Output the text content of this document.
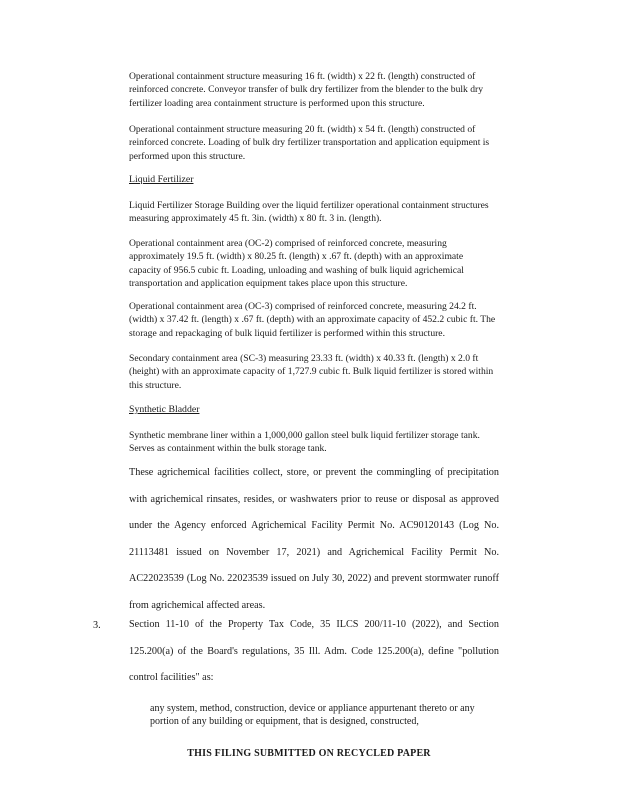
Operational containment structure measuring 16 ft. (width) x 22 ft. (length) constructed of reinforced concrete. Conveyor transfer of bulk dry fertilizer from the blender to the bulk dry fertilizer loading area containment structure is performed upon this structure.

Operational containment structure measuring 20 ft. (width) x 54 ft. (length) constructed of reinforced concrete. Loading of bulk dry fertilizer transportation and application equipment is performed upon this structure.

Liquid Fertilizer

Liquid Fertilizer Storage Building over the liquid fertilizer operational containment structures measuring approximately 45 ft. 3in. (width) x 80 ft. 3 in. (length).

Operational containment area (OC-2) comprised of reinforced concrete, measuring approximately 19.5 ft. (width) x 80.25 ft. (length) x .67 ft. (depth) with an approximate capacity of 956.5 cubic ft. Loading, unloading and washing of bulk liquid agrichemical transportation and application equipment takes place upon this structure.

Operational containment area (OC-3) comprised of reinforced concrete, measuring 24.2 ft. (width) x 37.42 ft. (length) x .67 ft. (depth) with an approximate capacity of 452.2 cubic ft. The storage and repackaging of bulk liquid fertilizer is performed within this structure.

Secondary containment area (SC-3) measuring 23.33 ft. (width) x 40.33 ft. (length) x 2.0 ft (height) with an approximate capacity of 1,727.9 cubic ft. Bulk liquid fertilizer is stored within this structure.

Synthetic Bladder

Synthetic membrane liner within a 1,000,000 gallon steel bulk liquid fertilizer storage tank. Serves as containment within the bulk storage tank.

These agrichemical facilities collect, store, or prevent the commingling of precipitation with agrichemical rinsates, resides, or washwaters prior to reuse or disposal as approved under the Agency enforced Agrichemical Facility Permit No. AC90120143 (Log No. 21113481 issued on November 17, 2021) and Agrichemical Facility Permit No. AC22023539 (Log No. 22023539 issued on July 30, 2022) and prevent stormwater runoff from agrichemical affected areas.

3.	Section 11-10 of the Property Tax Code, 35 ILCS 200/11-10 (2022), and Section 125.200(a) of the Board's regulations, 35 Ill. Adm. Code 125.200(a), define "pollution control facilities" as:

any system, method, construction, device or appliance appurtenant thereto or any portion of any building or equipment, that is designed, constructed,

THIS FILING SUBMITTED ON RECYCLED PAPER
